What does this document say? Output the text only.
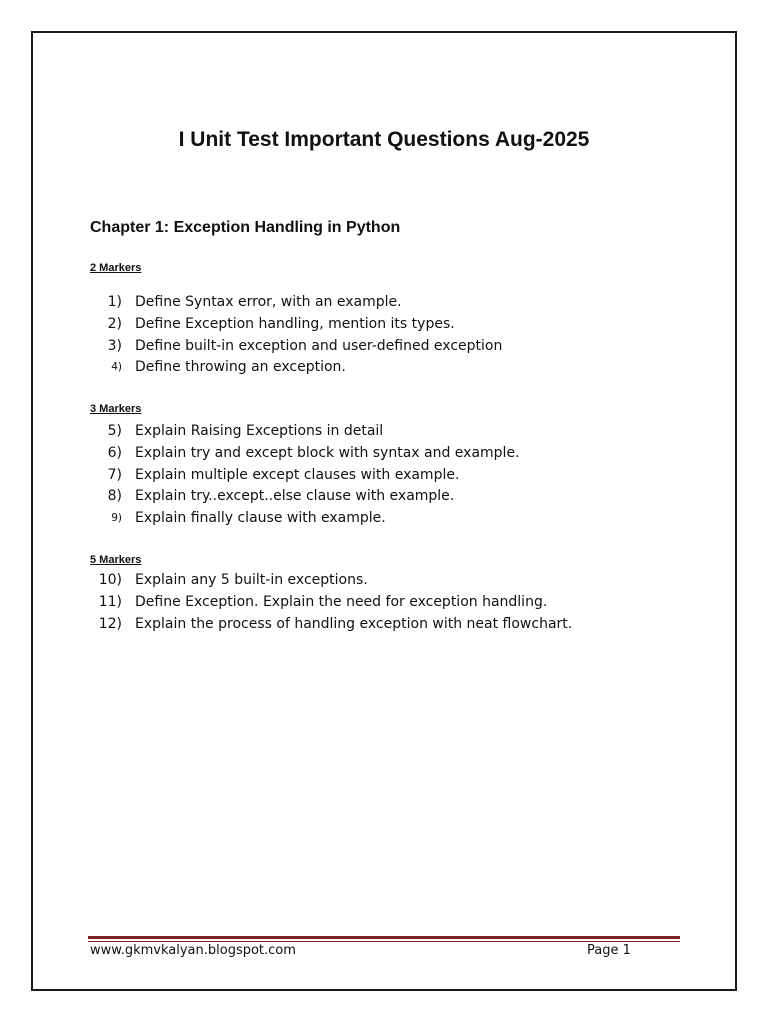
I Unit Test Important Questions Aug-2025
Chapter 1: Exception Handling in Python
2 Markers
1) Define Syntax error, with an example.
2) Define Exception handling, mention its types.
3) Define built-in exception and user-defined exception
4) Define throwing an exception.
3 Markers
5) Explain Raising Exceptions in detail
6) Explain try and except block with syntax and example.
7) Explain multiple except clauses with example.
8) Explain try..except..else clause with example.
9) Explain finally clause with example.
5 Markers
10) Explain any 5 built-in exceptions.
11) Define Exception. Explain the need for exception handling.
12) Explain the process of handling exception with neat flowchart.
www.gkmvkalyan.blogspot.com	Page 1
